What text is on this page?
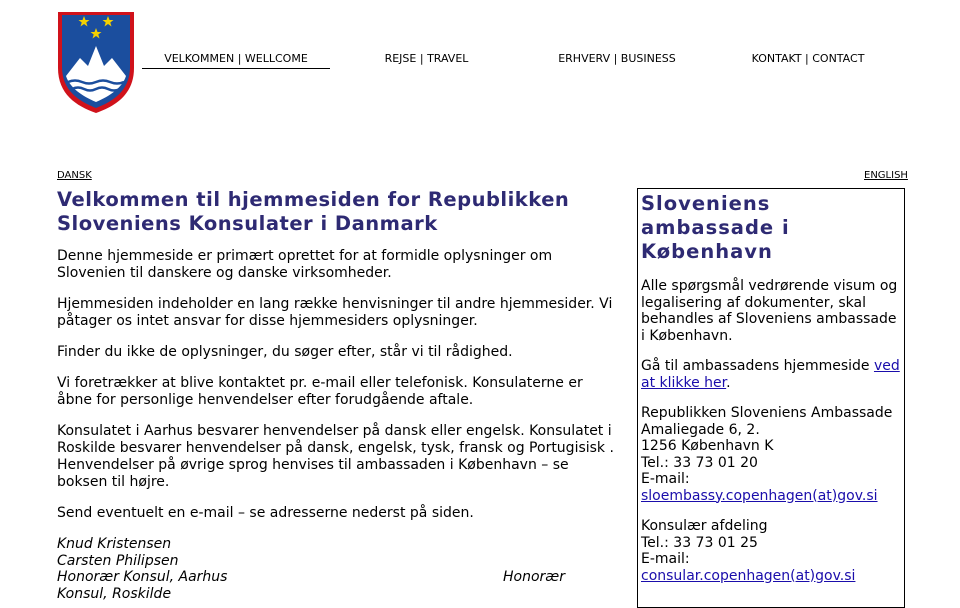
VELKOMMEN | WELLCOME	REJSE | TRAVEL	ERHVERV | BUSINESS	KONTAKT | CONTACT
DANSK	ENGLISH
Velkommen til hjemmesiden for Republikken
Sloveniens Konsulater i Danmark

Denne hjemmeside er primært oprettet for at formidle oplysninger om Slovenien til danskere og danske virksomheder.

Hjemmesiden indeholder en lang række henvisninger til andre hjemmesider. Vi påtager os intet ansvar for disse hjemmesiders oplysninger.

Finder du ikke de oplysninger, du søger efter, står vi til rådighed.

Vi foretrækker at blive kontaktet pr. e-mail eller telefonisk. Konsulaterne er åbne for personlige henvendelser efter forudgående aftale.

Konsulatet i Aarhus besvarer henvendelser på dansk eller engelsk. Konsulatet i Roskilde besvarer henvendelser på dansk, engelsk, tysk, fransk og Portugisisk . Henvendelser på øvrige sprog henvises til ambassaden i København – se boksen til højre.

Send eventuelt en e-mail – se adresserne nederst på siden.

Knud Kristensen
Carsten Philipsen
Honorær Konsul, Aarhus
Konsul, Roskilde
Honorær
Sloveniens
ambassade i
København

Alle spørgsmål vedrørende visum og legalisering af dokumenter, skal behandles af Sloveniens ambassade i København.

Gå til ambassadens hjemmeside ved at klikke her.

Republikken Sloveniens Ambassade
Amaliegade 6, 2.
1256 København K
Tel.: 33 73 01 20
E-mail:
sloembassy.copenhagen(at)gov.si

Konsulær afdeling
Tel.: 33 73 01 25
E-mail:
consular.copenhagen(at)gov.si
